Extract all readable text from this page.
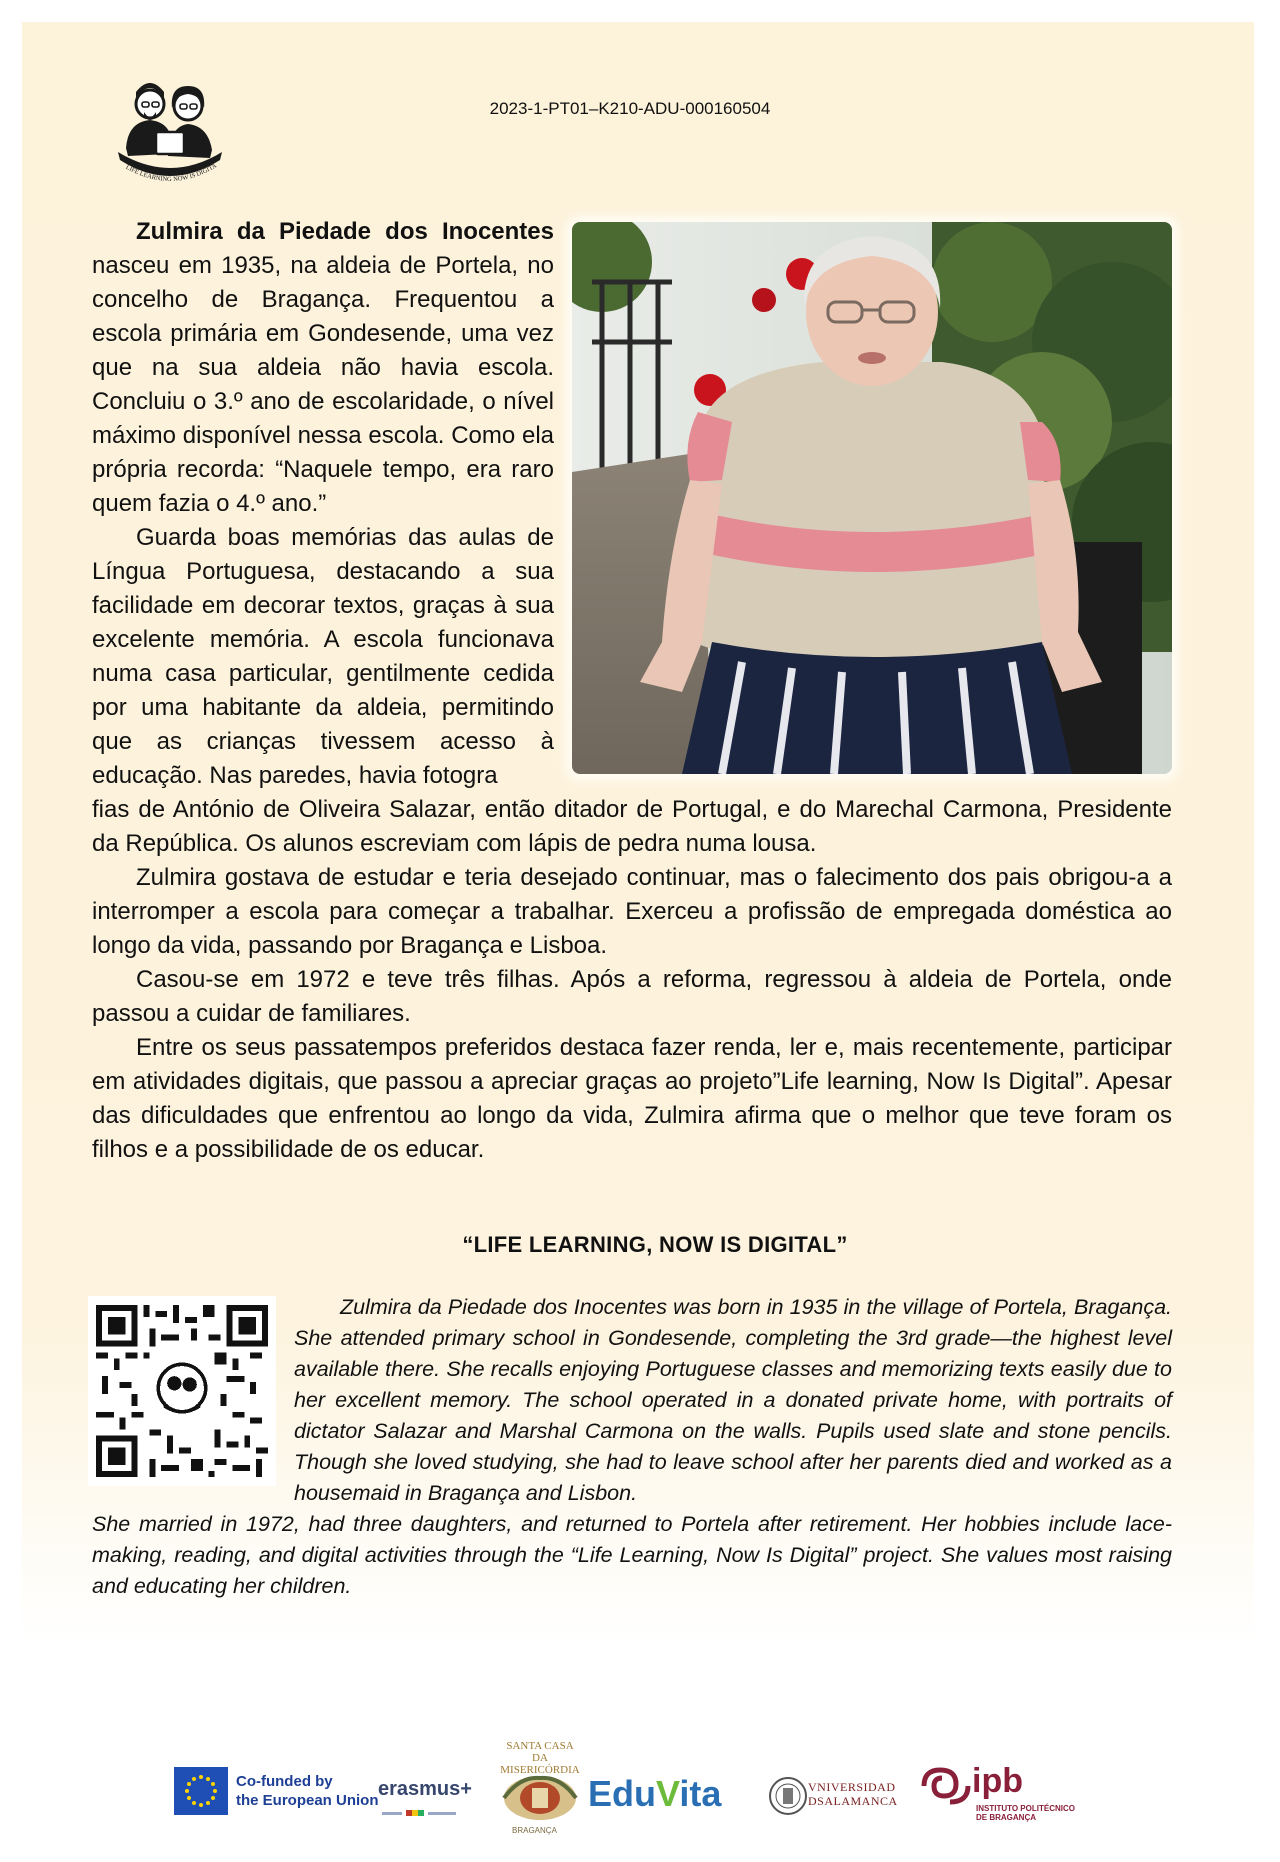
LIFE LEARNING NOW IS DIGITA
2023-1-PT01–K210-ADU-000160504

Zulmira da Piedade dos Inocentes nasceu em 1935, na aldeia de Portela, no concelho de Bragança. Frequentou a escola primária em Gondesende, uma vez que na sua aldeia não havia escola. Concluiu o 3.º ano de escolaridade, o nível máximo disponível nessa escola. Como ela própria recorda: “Naquele tempo, era raro quem fazia o 4.º ano.”

Guarda boas memórias das aulas de Língua Portuguesa, destacando a sua facilidade em decorar textos, graças à sua excelente memória. A escola funcionava numa casa particular, gentilmente cedida por uma habitante da aldeia, permitindo que as crianças tivessem acesso à educação. Nas paredes, havia fotogra

fias de António de Oliveira Salazar, então ditador de Portugal, e do Marechal Carmona, Presidente da República. Os alunos escreviam com lápis de pedra numa lousa.

Zulmira gostava de estudar e teria desejado continuar, mas o falecimento dos pais obrigou-a a interromper a escola para começar a trabalhar. Exerceu a profissão de empregada doméstica ao longo da vida, passando por Bragança e Lisboa.

Casou-se em 1972 e teve três filhas. Após a reforma, regressou à aldeia de Portela, onde passou a cuidar de familiares.

Entre os seus passatempos preferidos destaca fazer renda, ler e, mais recentemente, participar em atividades digitais, que passou a apreciar graças ao projeto”Life learning, Now Is Digital”. Apesar das dificuldades que enfrentou ao longo da vida, Zulmira afirma que o melhor que teve foram os filhos e a possibilidade de os educar.

“LIFE LEARNING, NOW IS DIGITAL”

Zulmira da Piedade dos Inocentes was born in 1935 in the village of Portela, Bragança. She attended primary school in Gondesende, completing the 3rd grade—the highest level available there. She recalls enjoying Portuguese classes and memorizing texts easily due to her excellent memory. The school operated in a donated private home, with portraits of dictator Salazar and Marshal Carmona on the walls. Pupils used slate and stone pencils. Though she loved studying, she had to leave school after her parents died and worked as a housemaid in Bragança and Lisbon.

She married in 1972, had three daughters, and returned to Portela after retirement. Her hobbies include lace-making, reading, and digital activities through the “Life Learning, Now Is Digital” project. She values most raising and educating her children.

Co-funded by
the European Union
erasmus+
SANTA CASA
DA MISERICÓRDIA
BRAGANÇA
EduVita	VNIVERSIDAD
DSALAMANCA
ipb
INSTITUTO POLITÉCNICO
DE BRAGANÇA
